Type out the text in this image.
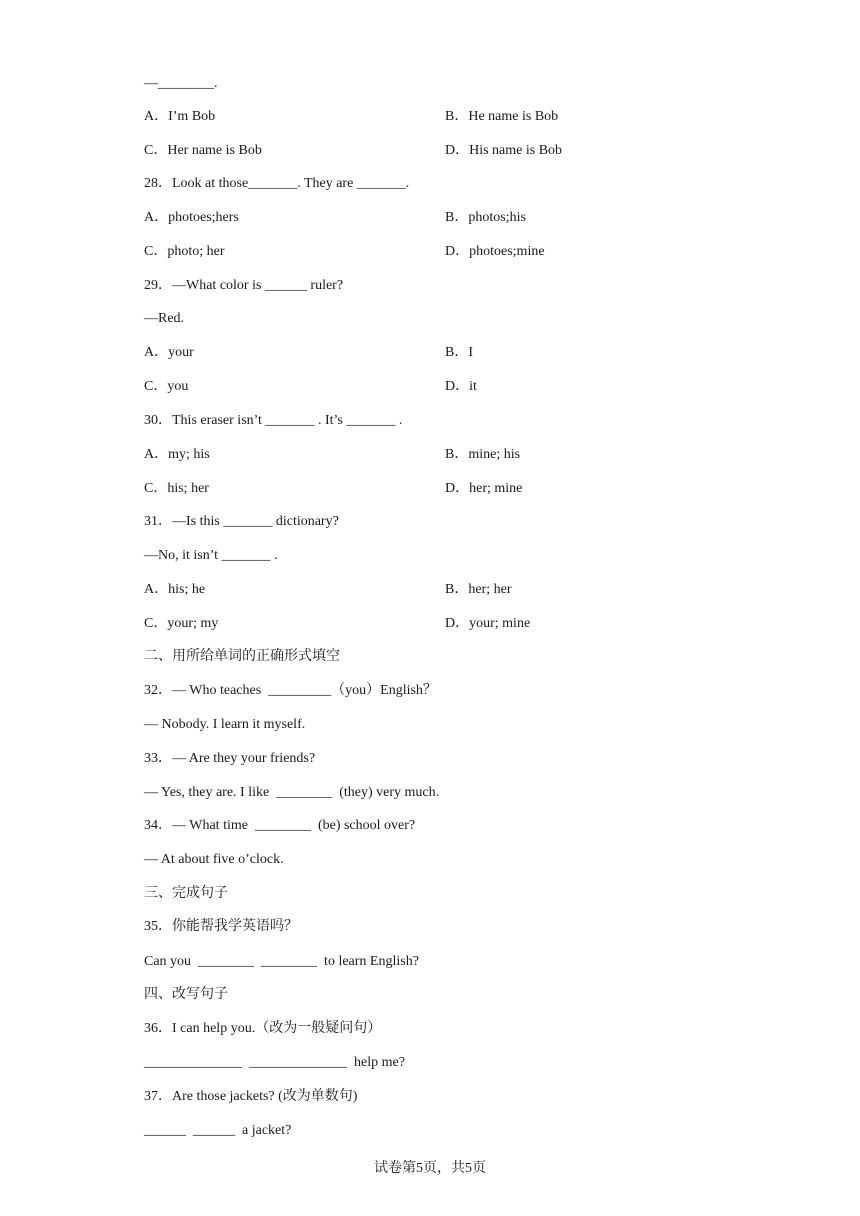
—________.
A．I’m Bob	B．He name is Bob
C．Her name is Bob	D．His name is Bob
28．Look at those_______. They are _______.
A．photoes;hers	B．photos;his
C．photo; her	D．photoes;mine
29．—What color is ______ ruler?
—Red.
A．your	B．I
C．you	D．it
30．This eraser isn’t _______ . It’s _______ .
A．my; his	B．mine; his
C．his; her	D．her; mine
31．—Is this _______ dictionary?
—No, it isn’t _______ .
A．his; he	B．her; her
C．your; my	D．your; mine
二、用所给单词的正确形式填空
32．— Who teaches  _________（you）English？
— Nobody. I learn it myself.
33．— Are they your friends?
— Yes, they are. I like  ________  (they) very much.
34．— What time  ________  (be) school over?
— At about five o’clock.
三、完成句子
35．你能帮我学英语吗？
Can you  ________  ________  to learn English?
四、改写句子
36．I can help you.（改为一般疑问句）
______________  ______________  help me?
37．Are those jackets? (改为单数句)
______  ______  a jacket?
试卷第5页，共5页
